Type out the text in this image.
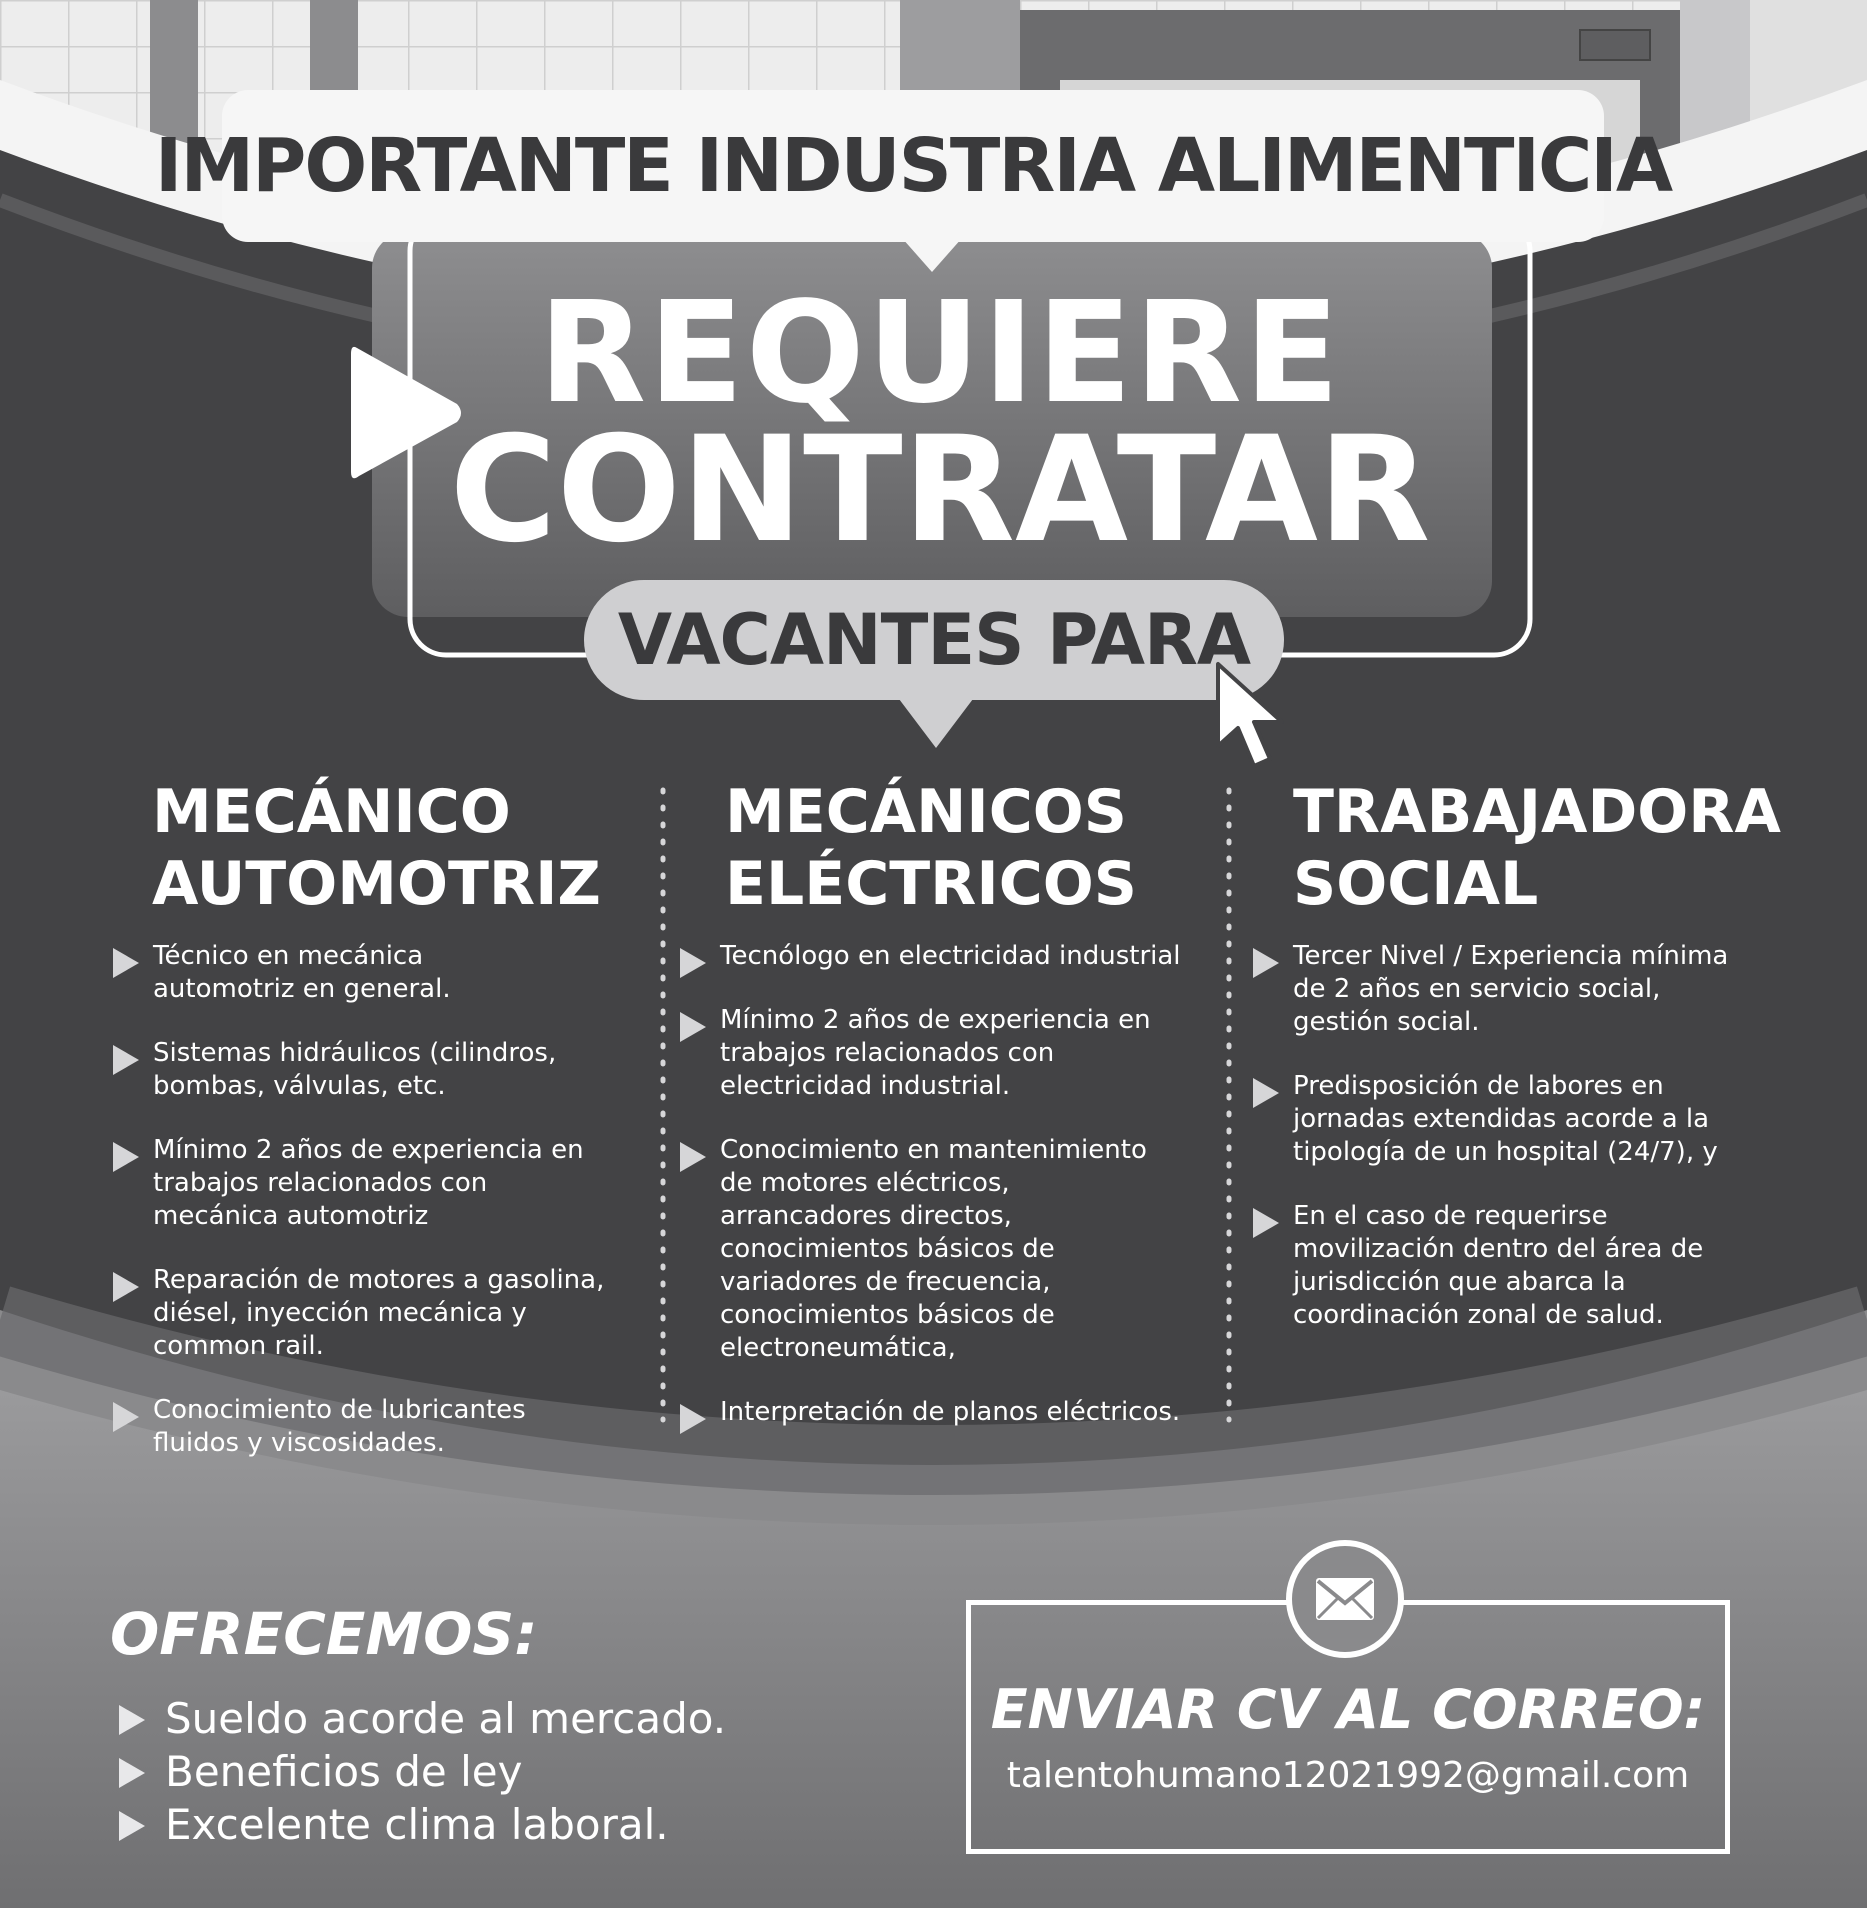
IMPORTANTE INDUSTRIA ALIMENTICIA
REQUIERE
CONTRATAR
VACANTES PARA
MECÁNICO
AUTOMOTRIZ
Técnico en mecánica
automotriz en general.
Sistemas hidráulicos (cilindros,
bombas, válvulas, etc.
Mínimo 2 años de experiencia en
trabajos relacionados con
mecánica automotriz
Reparación de motores a gasolina,
diésel, inyección mecánica y
common rail.
Conocimiento de lubricantes
fluidos y viscosidades.
MECÁNICOS
ELÉCTRICOS
Tecnólogo en electricidad industrial
Mínimo 2 años de experiencia en
trabajos relacionados con
electricidad industrial.
Conocimiento en mantenimiento
de motores eléctricos,
arrancadores directos,
conocimientos básicos de
variadores de frecuencia,
conocimientos básicos de
electroneumática,
Interpretación de planos eléctricos.
TRABAJADORA
SOCIAL
Tercer Nivel / Experiencia mínima
de 2 años en servicio social,
gestión social.
Predisposición de labores en
jornadas extendidas acorde a la
tipología de un hospital (24/7), y
En el caso de requerirse
movilización dentro del área de
jurisdicción que abarca la
coordinación zonal de salud.
OFRECEMOS:
Sueldo acorde al mercado.
Beneficios de ley
Excelente clima laboral.
ENVIAR CV AL CORREO:
talentohumano12021992@gmail.com
